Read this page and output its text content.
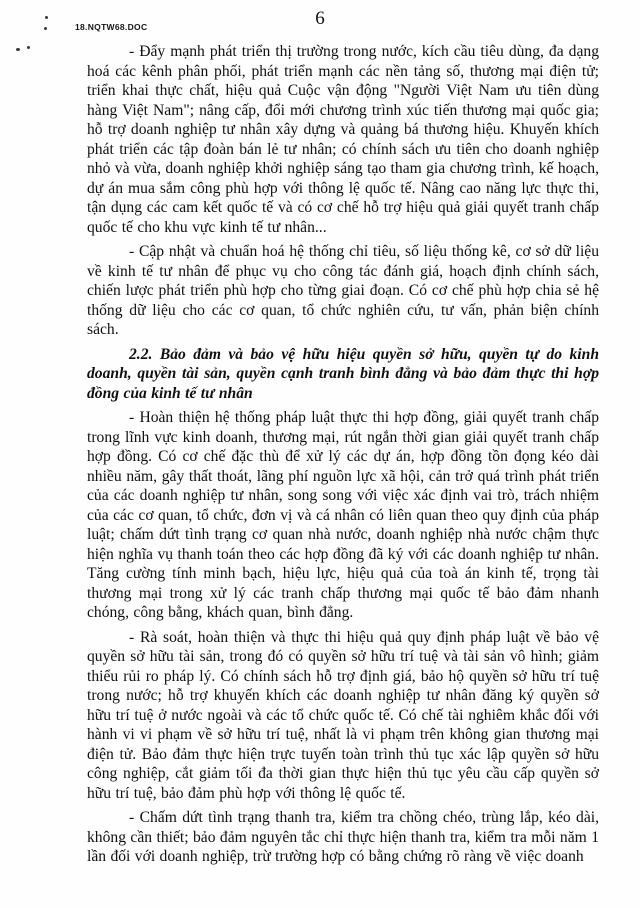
18.NQTW68.DOC	6

- Đẩy mạnh phát triển thị trường trong nước, kích cầu tiêu dùng, đa dạng hoá các kênh phân phối, phát triển mạnh các nền tảng số, thương mại điện tử; triển khai thực chất, hiệu quả Cuộc vận động "Người Việt Nam ưu tiên dùng hàng Việt Nam"; nâng cấp, đổi mới chương trình xúc tiến thương mại quốc gia; hỗ trợ doanh nghiệp tư nhân xây dựng và quảng bá thương hiệu. Khuyến khích phát triển các tập đoàn bán lẻ tư nhân; có chính sách ưu tiên cho doanh nghiệp nhỏ và vừa, doanh nghiệp khởi nghiệp sáng tạo tham gia chương trình, kế hoạch, dự án mua sắm công phù hợp với thông lệ quốc tế. Nâng cao năng lực thực thi, tận dụng các cam kết quốc tế và có cơ chế hỗ trợ hiệu quả giải quyết tranh chấp quốc tế cho khu vực kinh tế tư nhân...

- Cập nhật và chuẩn hoá hệ thống chỉ tiêu, số liệu thống kê, cơ sở dữ liệu về kinh tế tư nhân để phục vụ cho công tác đánh giá, hoạch định chính sách, chiến lược phát triển phù hợp cho từng giai đoạn. Có cơ chế phù hợp chia sẻ hệ thống dữ liệu cho các cơ quan, tổ chức nghiên cứu, tư vấn, phản biện chính sách.

2.2. Bảo đảm và bảo vệ hữu hiệu quyền sở hữu, quyền tự do kinh doanh, quyền tài sản, quyền cạnh tranh bình đẳng và bảo đảm thực thi hợp đồng của kinh tế tư nhân

- Hoàn thiện hệ thống pháp luật thực thi hợp đồng, giải quyết tranh chấp trong lĩnh vực kinh doanh, thương mại, rút ngắn thời gian giải quyết tranh chấp hợp đồng. Có cơ chế đặc thù để xử lý các dự án, hợp đồng tồn đọng kéo dài nhiều năm, gây thất thoát, lãng phí nguồn lực xã hội, cản trở quá trình phát triển của các doanh nghiệp tư nhân, song song với việc xác định vai trò, trách nhiệm của các cơ quan, tổ chức, đơn vị và cá nhân có liên quan theo quy định của pháp luật; chấm dứt tình trạng cơ quan nhà nước, doanh nghiệp nhà nước chậm thực hiện nghĩa vụ thanh toán theo các hợp đồng đã ký với các doanh nghiệp tư nhân. Tăng cường tính minh bạch, hiệu lực, hiệu quả của toà án kinh tế, trọng tài thương mại trong xử lý các tranh chấp thương mại quốc tế bảo đảm nhanh chóng, công bằng, khách quan, bình đẳng.

- Rà soát, hoàn thiện và thực thi hiệu quả quy định pháp luật về bảo vệ quyền sở hữu tài sản, trong đó có quyền sở hữu trí tuệ và tài sản vô hình; giảm thiểu rủi ro pháp lý. Có chính sách hỗ trợ định giá, bảo hộ quyền sở hữu trí tuệ trong nước; hỗ trợ khuyến khích các doanh nghiệp tư nhân đăng ký quyền sở hữu trí tuệ ở nước ngoài và các tổ chức quốc tế. Có chế tài nghiêm khắc đối với hành vi vi phạm về sở hữu trí tuệ, nhất là vi phạm trên không gian thương mại điện tử. Bảo đảm thực hiện trực tuyến toàn trình thủ tục xác lập quyền sở hữu công nghiệp, cắt giảm tối đa thời gian thực hiện thủ tục yêu cầu cấp quyền sở hữu trí tuệ, bảo đảm phù hợp với thông lệ quốc tế.

- Chấm dứt tình trạng thanh tra, kiểm tra chồng chéo, trùng lắp, kéo dài, không cần thiết; bảo đảm nguyên tắc chỉ thực hiện thanh tra, kiểm tra mỗi năm 1 lần đối với doanh nghiệp, trừ trường hợp có bằng chứng rõ ràng về việc doanh
